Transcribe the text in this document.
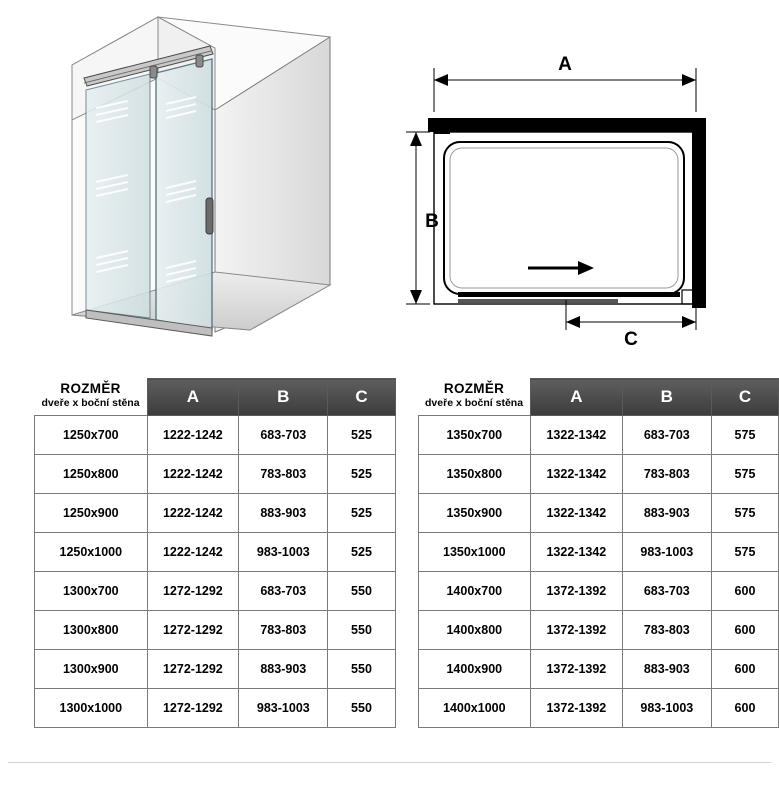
A
B
C
ROZMĚR
dveře x boční stěna	A	B	C
1250x700	1222-1242	683-703	525
1250x800	1222-1242	783-803	525
1250x900	1222-1242	883-903	525
1250x1000	1222-1242	983-1003	525
1300x700	1272-1292	683-703	550
1300x800	1272-1292	783-803	550
1300x900	1272-1292	883-903	550
1300x1000	1272-1292	983-1003	550
ROZMĚR
dveře x boční stěna	A	B	C
1350x700	1322-1342	683-703	575
1350x800	1322-1342	783-803	575
1350x900	1322-1342	883-903	575
1350x1000	1322-1342	983-1003	575
1400x700	1372-1392	683-703	600
1400x800	1372-1392	783-803	600
1400x900	1372-1392	883-903	600
1400x1000	1372-1392	983-1003	600
